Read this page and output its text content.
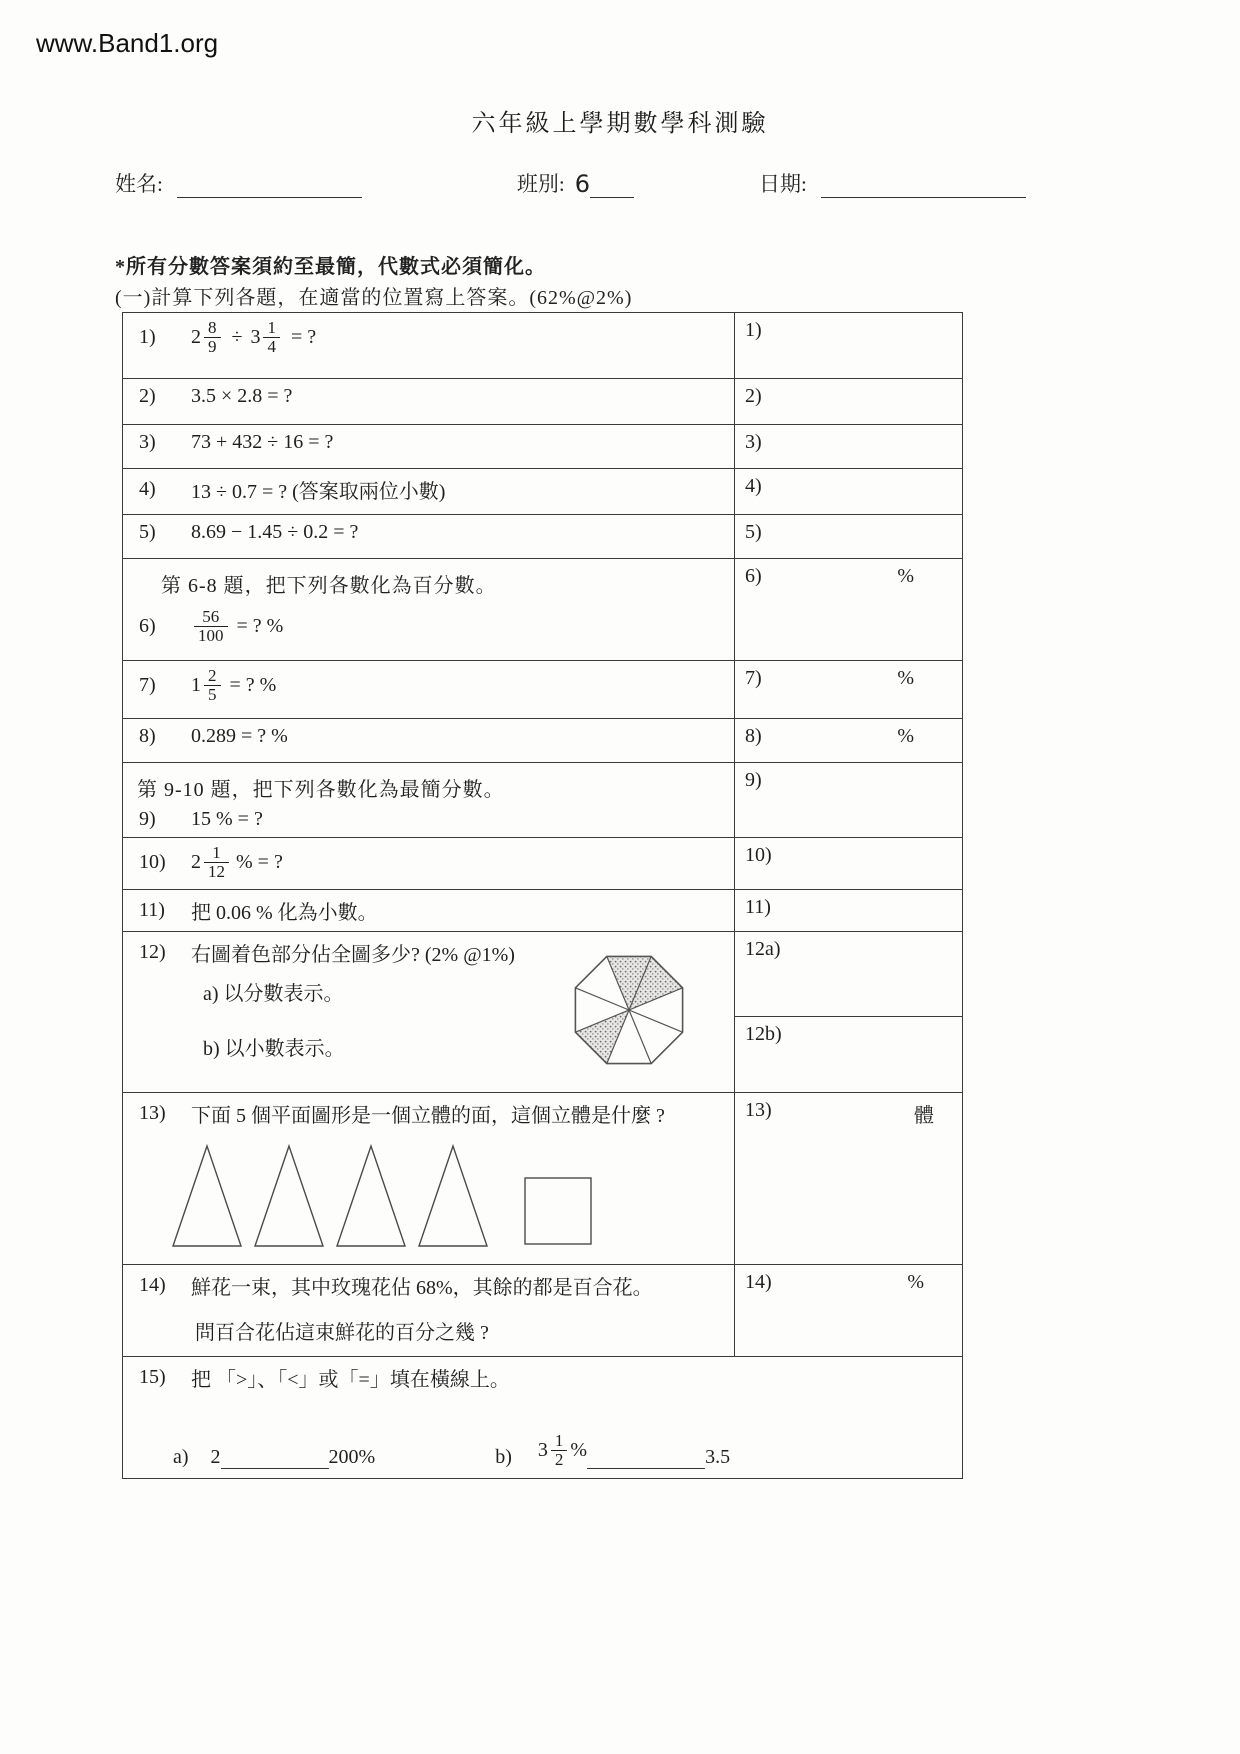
www.Band1.org
六年級上學期數學科測驗
姓名:	班別: 6	日期:
*所有分數答案須約至最簡，代數式必須簡化。
(一)計算下列各題，在適當的位置寫上答案。(62%@2%)
1)	$2 \frac{8}{9} \div 3 \frac{1}{4}$ = ?	1)

2) 3.5 × 2.8 = ?	2)

3) 73 + 432 ÷ 16 = ?	3)

4) 13 ÷ 0.7 = ? (答案取兩位小數)	4)

5) 8.69 − 1.45 ÷ 0.2 = ?	5)

第 6-8 題，把下列各數化為百分數。
6)	$\frac{56}{100}$ = ? %

6)	%

7) $1 \frac{2}{5}$ = ? %	7) %

8) 0.289 = ? %	8) %

第 9-10 題，把下列各數化為最簡分數。
9) 15 % = ?	9)

10) $2 \frac{1}{12}$ % = ?	10)

11) 把 0.06 % 化為小數。	11)

12) 右圖着色部分佔全圖多少? (2% @1%)
a) 以分數表示。
b) 以小數表示。	12a)
	12b)

13) 下面 5 個平面圖形是一個立體的面，這個立體是什麼 ?	13) 體

14)	鮮花一束，其中玫瑰花佔 68%，其餘的都是百合花。
問百合花佔這束鮮花的百分之幾 ?

14)	%

15)	把 「>」、「<」或「=」填在橫線上。
a) 2	200%	b) $3 \frac{1}{2}$ %	3.5
